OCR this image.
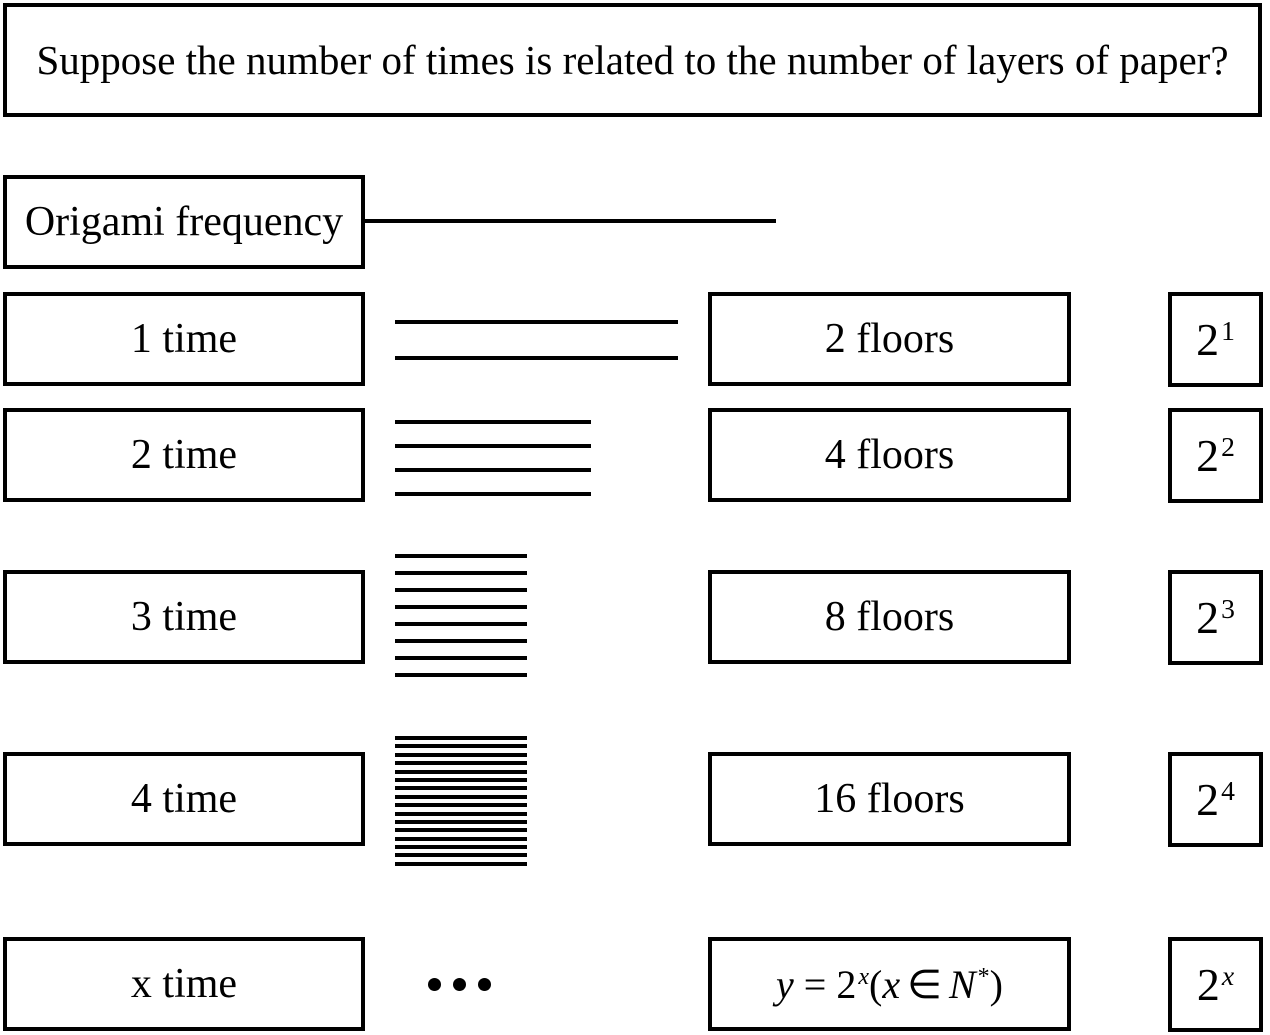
Suppose the number of times is related to the number of layers of paper?
Origami frequency
1 time	2 floors	$2^1$
2 time	4 floors	$2^2$
3 time	8 floors	$2^3$
4 time	16 floors	$2^4$
x time	$y = 2^x(x$ ∈ N*)	2$^x$
